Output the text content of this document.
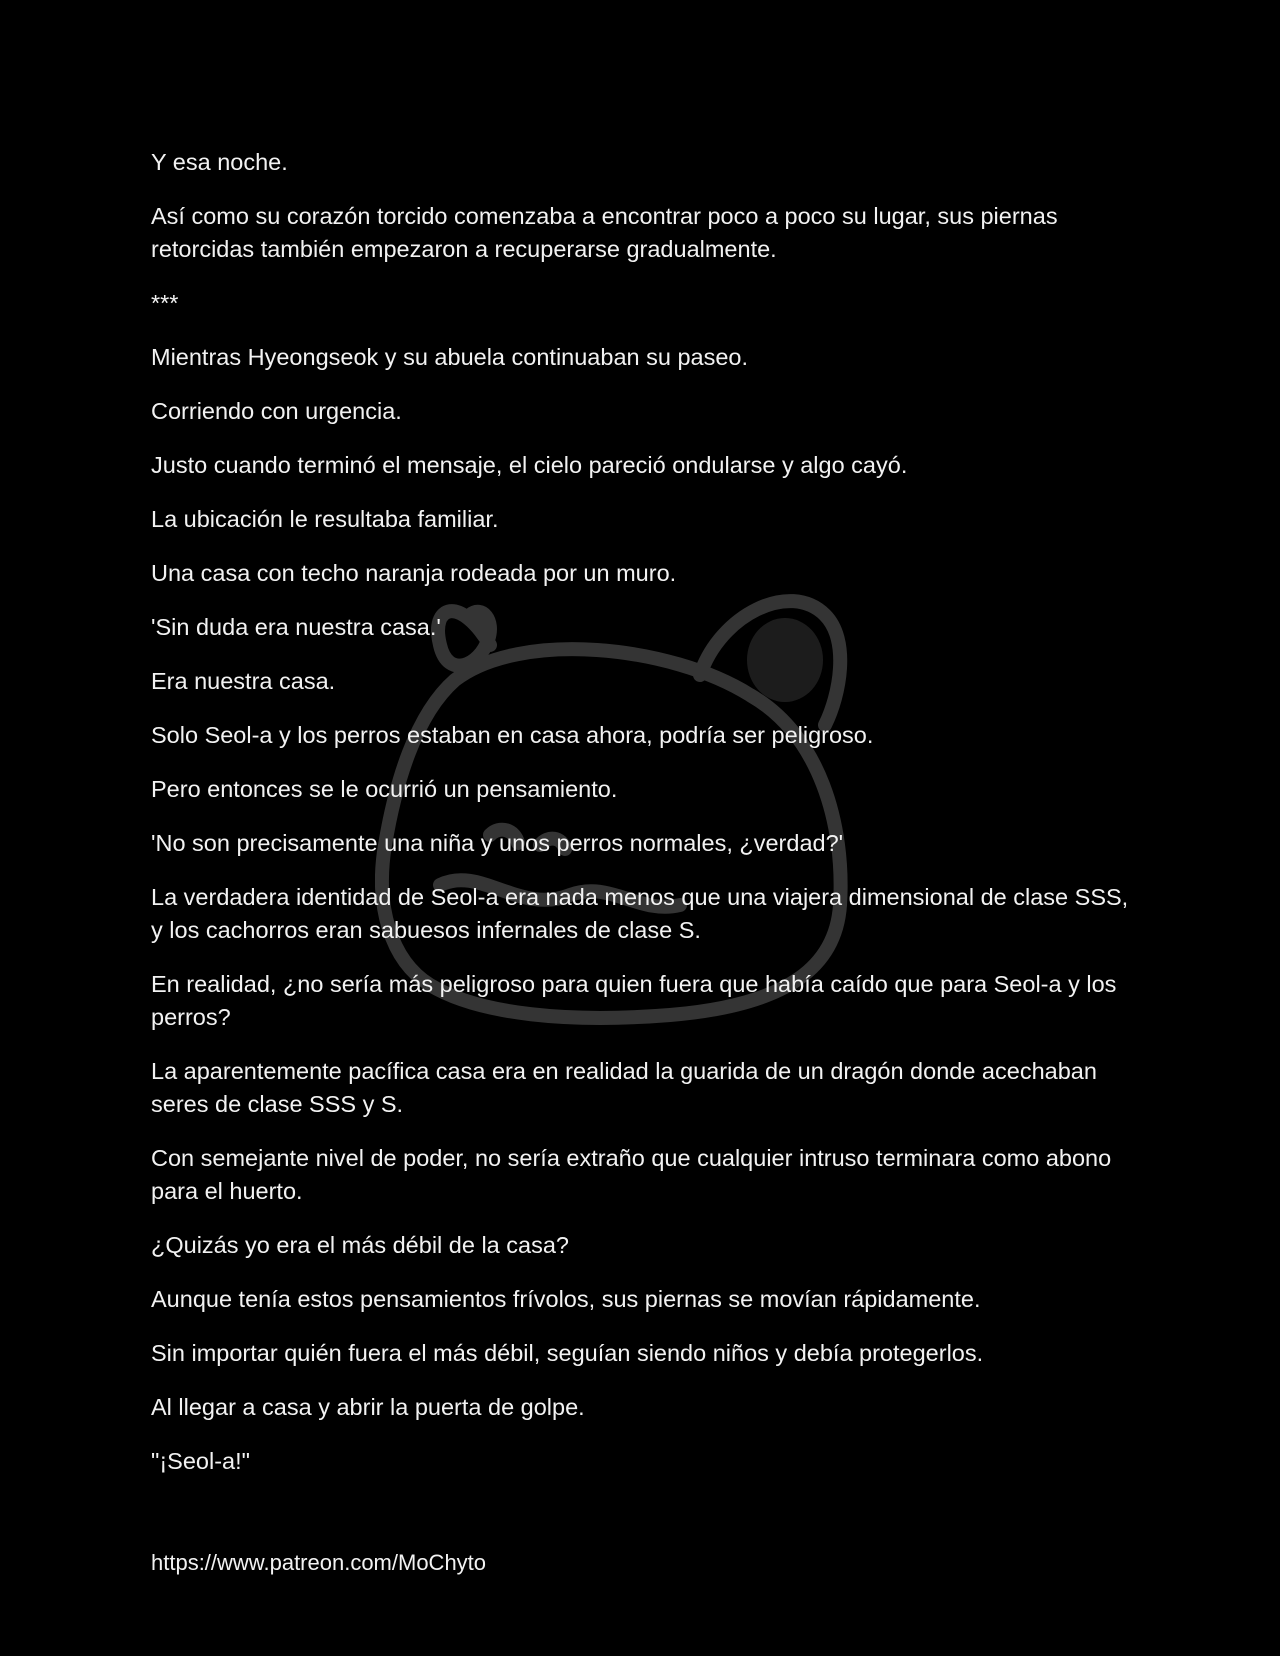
Y esa noche.

Así como su corazón torcido comenzaba a encontrar poco a poco su lugar, sus piernas retorcidas también empezaron a recuperarse gradualmente.

***

Mientras Hyeongseok y su abuela continuaban su paseo.

Corriendo con urgencia.

Justo cuando terminó el mensaje, el cielo pareció ondularse y algo cayó.

La ubicación le resultaba familiar.

Una casa con techo naranja rodeada por un muro.

'Sin duda era nuestra casa.'

Era nuestra casa.

Solo Seol-a y los perros estaban en casa ahora, podría ser peligroso.

Pero entonces se le ocurrió un pensamiento.

'No son precisamente una niña y unos perros normales, ¿verdad?'

La verdadera identidad de Seol-a era nada menos que una viajera dimensional de clase SSS, y los cachorros eran sabuesos infernales de clase S.

En realidad, ¿no sería más peligroso para quien fuera que había caído que para Seol-a y los perros?

La aparentemente pacífica casa era en realidad la guarida de un dragón donde acechaban seres de clase SSS y S.

Con semejante nivel de poder, no sería extraño que cualquier intruso terminara como abono para el huerto.

¿Quizás yo era el más débil de la casa?

Aunque tenía estos pensamientos frívolos, sus piernas se movían rápidamente.

Sin importar quién fuera el más débil, seguían siendo niños y debía protegerlos.

Al llegar a casa y abrir la puerta de golpe.

"¡Seol-a!"

https://www.patreon.com/MoChyto
